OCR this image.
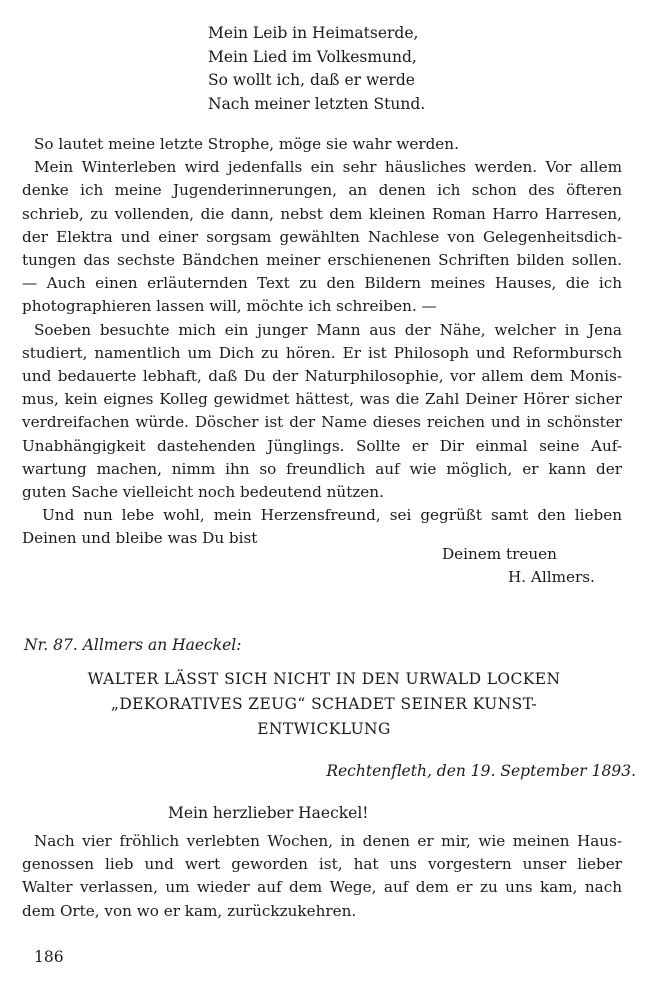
Mein Leib in Heimatserde,
Mein Lied im Volkesmund,
So wollt ich, daß er werde
Nach meiner letzten Stund.
So lautet meine letzte Strophe, möge sie wahr werden.
Mein Winterleben wird jedenfalls ein sehr häusliches werden. Vor allem
denke ich meine Jugenderinnerungen, an denen ich schon des öfteren
schrieb, zu vollenden, die dann, nebst dem kleinen Roman Harro Harresen,
der Elektra und einer sorgsam gewählten Nachlese von Gelegenheitsdich-
tungen das sechste Bändchen meiner erschienenen Schriften bilden sollen.
— Auch einen erläuternden Text zu den Bildern meines Hauses, die ich
photographieren lassen will, möchte ich schreiben. —
Soeben besuchte mich ein junger Mann aus der Nähe, welcher in Jena
studiert, namentlich um Dich zu hören. Er ist Philosoph und Reformbursch
und bedauerte lebhaft, daß Du der Naturphilosophie, vor allem dem Monis-
mus, kein eignes Kolleg gewidmet hättest, was die Zahl Deiner Hörer sicher
verdreifachen würde. Döscher ist der Name dieses reichen und in schönster
Unabhängigkeit dastehenden Jünglings. Sollte er Dir einmal seine Auf-
wartung machen, nimm ihn so freundlich auf wie möglich, er kann der
guten Sache vielleicht noch bedeutend nützen.
Und nun lebe wohl, mein Herzensfreund, sei gegrüßt samt den lieben
Deinen und bleibe was Du bist
Deinem treuen
H. Allmers.
Nr. 87. Allmers an Haeckel:
WALTER LÄSST SICH NICHT IN DEN URWALD LOCKEN
„DEKORATIVES ZEUG“ SCHADET SEINER KUNST-
ENTWICKLUNG
Rechtenfleth, den 19. September 1893.
Mein herzlieber Haeckel!
Nach vier fröhlich verlebten Wochen, in denen er mir, wie meinen Haus-
genossen lieb und wert geworden ist, hat uns vorgestern unser lieber
Walter verlassen, um wieder auf dem Wege, auf dem er zu uns kam, nach
dem Orte, von wo er kam, zurückzukehren.
186
